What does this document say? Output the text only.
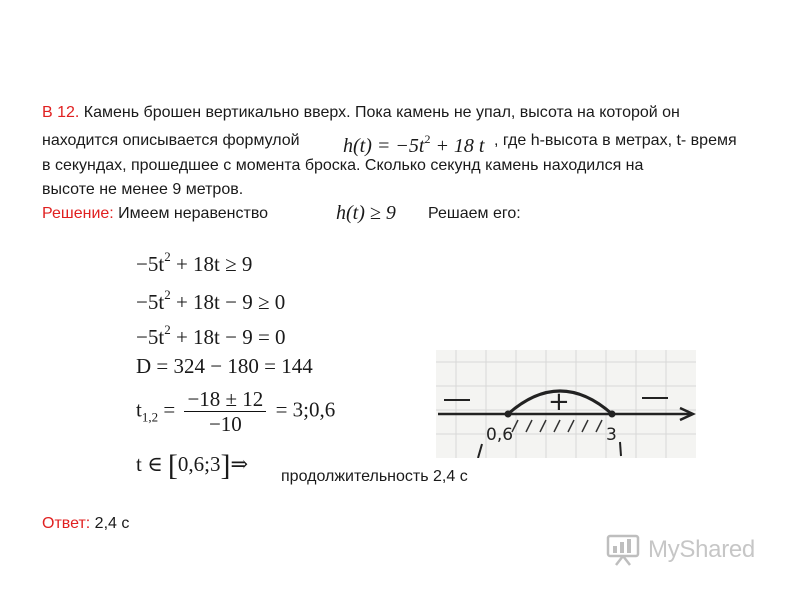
В 12. Камень брошен вертикально вверх. Пока камень не упал, высота на которой он
находится описывается формулой $h(t) = -5t^2 + 18$ t , где h-высота в метрах, t- время
в секундах, прошедшее с момента броска. Сколько секунд камень находился на
высоте не менее 9 метров.
Решение: Имеем неравенство	h(t) ≥ 9 Решаем его:
$-5t^2 + 18t \ge 9$
$-5t^2 + 18t - 9 \ge 0$
$-5t^2 + 18t - 9 = 0$
D = 324 − 180 = 144
$t_{1,2} = \frac{-18 \pm 12}{-10}$ = 3;0,6
t ∈ [0,6;3]⇒
+
0,6	3
продолжительность 2,4 с
Ответ: 2,4 с
MyShared
